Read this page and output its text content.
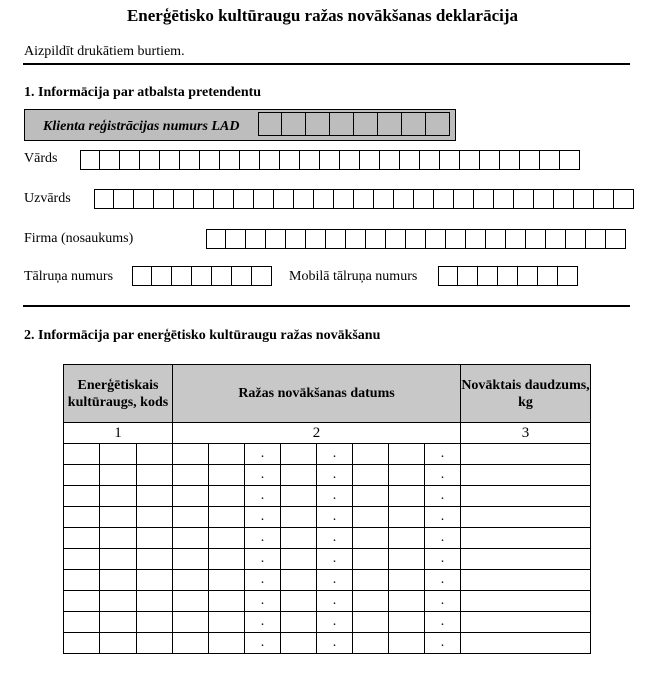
Enerģētisko kultūraugu ražas novākšanas deklarācija
Aizpildīt drukātiem burtiem.
1. Informācija par atbalsta pretendentu
Klienta reģistrācijas numurs LAD
Vārds
Uzvārds
Firma (nosaukums)
Tālruņa numurs	Mobilā tālruņa numurs
2. Informācija par enerģētisko kultūraugu ražas novākšanu
Enerģētiskais kultūraugs, kods			Ražas novākšanas datums								Novāktais daudzums, kg
1			2								3
					.		.			.	
					.		.			.	
					.		.			.	
					.		.			.	
					.		.			.	
					.		.			.	
					.		.			.	
					.		.			.	
					.		.			.	
					.		.			.	
